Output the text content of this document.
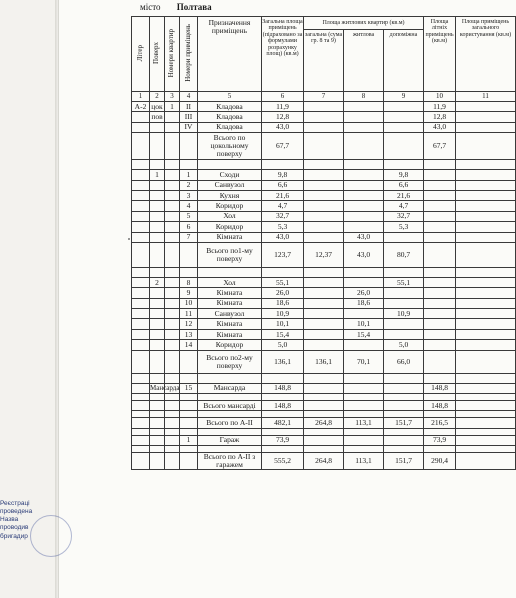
місто Полтава
Літер	Поверх	Номери квартир	Номери приміщень	Призначення приміщень	Загальна площа приміщень (підраховано за формулами розрахунку площ) (кв.м)	Площа житлових квартир (кв.м)			Площа літніх приміщень (кв.м)	Площа приміщень загального користування (кв.м)
						загальна (сума гр. 8 та 9)	житлова	допоміжна		
1	2	3	4	5	6	7	8	9	10	11
А-2	цок	1	II	Кладова	11,9				11,9	
	пов		III	Кладова	12,8				12,8	
			IV	Кладова	43,0				43,0	
				Всього по цокольному поверху	67,7				67,7	

	1		1	Сходи	9,8			9,8		
			2	Санвузол	6,6			6,6		
			3	Кухня	21,6			21,6		
			4	Коридор	4,7			4,7		
			5	Хол	32,7			32,7		
			6	Коридор	5,3			5,3		
			7	Кімната	43,0		43,0			
				Всього по1-му поверху	123,7	12,37	43,0	80,7		

	2		8	Хол	55,1			55,1		
			9	Кімната	26,0		26,0			
			10	Кімната	18,6		18,6			
			11	Санвузол	10,9			10,9		
			12	Кімната	10,1		10,1			
			13	Кімната	15,4		15,4			
			14	Коридор	5,0			5,0		
				Всього по2-му поверху	136,1	136,1	70,1	66,0		

	Мансарда		15	Мансарда	148,8				148,8	

				Всього мансарді	148,8				148,8	

				Всього по А-ІІ	482,1	264,8	113,1	151,7	216,5	

			1	Гараж	73,9				73,9	

				Всього по А-ІІ з гаражем	555,2	264,8	113,1	151,7	290,4	
Реєстраці
проведена
Назва
проводив
бригадир
